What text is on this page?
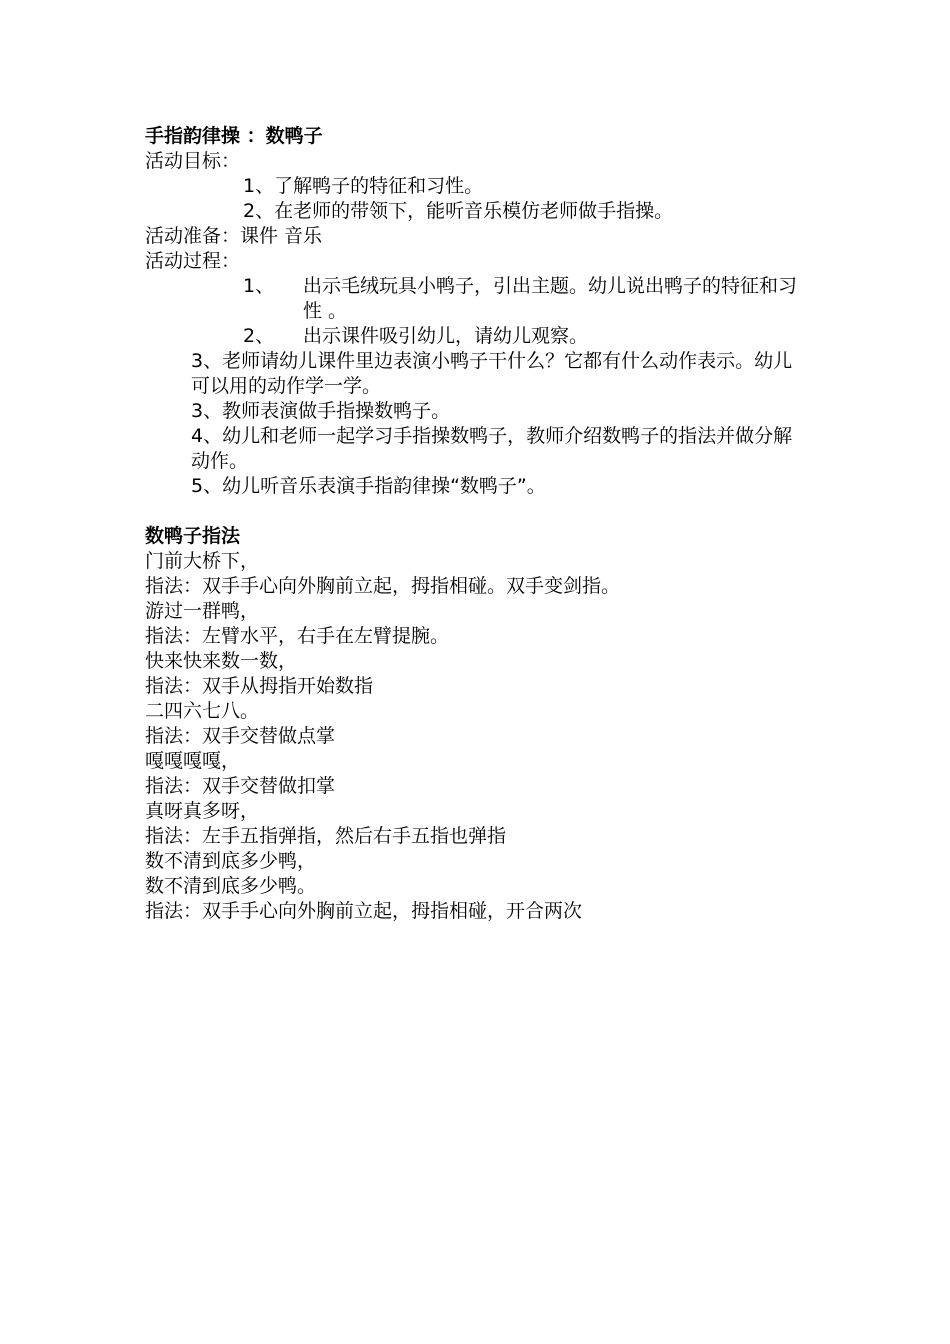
手指韵律操 ：数鸭子
活动目标：
1、了解鸭子的特征和习性。
2、在老师的带领下，能听音乐模仿老师做手指操。
活动准备：课件 音乐
活动过程：
1、	出示毛绒玩具小鸭子，引出主题。幼儿说出鸭子的特征和习性 。
2、	出示课件吸引幼儿，请幼儿观察。
3、老师请幼儿课件里边表演小鸭子干什么？它都有什么动作表示。幼儿可以用的动作学一学。
3、教师表演做手指操数鸭子。
4、幼儿和老师一起学习手指操数鸭子，教师介绍数鸭子的指法并做分解动作。
5、幼儿听音乐表演手指韵律操“数鸭子”。
数鸭子指法
门前大桥下，
指法：双手手心向外胸前立起，拇指相碰。双手变剑指。
游过一群鸭，
指法：左臂水平，右手在左臂提腕。
快来快来数一数，
指法：双手从拇指开始数指
二四六七八。
指法：双手交替做点掌
嘎嘎嘎嘎，
指法：双手交替做扣掌
真呀真多呀，
指法：左手五指弹指，然后右手五指也弹指
数不清到底多少鸭，
数不清到底多少鸭。
指法：双手手心向外胸前立起，拇指相碰，开合两次
